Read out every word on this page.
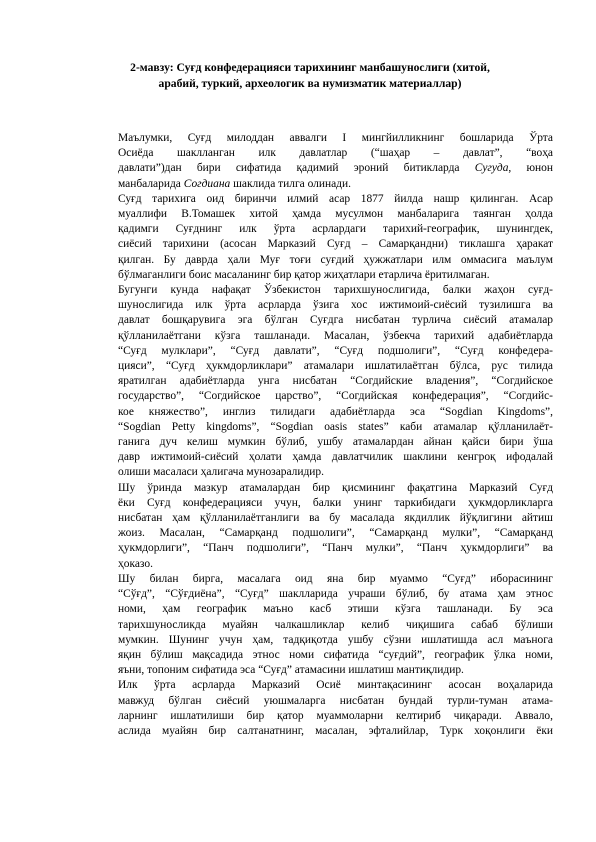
2-мавзу: Суғд конфедерацияси тарихининг манбашунослиги (хитой,
арабий, туркий, археологик ва нумизматик материаллар)

Маълумки, Суғд милоддан аввалги I мингйилликнинг бошларида Ўрта
Осиёда шаклланган илк давлатлар (“шаҳар – давлат”, “воҳа
давлати”)дан бири сифатида қадимий эроний битикларда Сугуда, юнон
манбаларида Согдиана шаклида тилга олинади.

Суғд тарихига оид биринчи илмий асар 1877 йилда нашр қилинган. Асар
муаллифи В.Томашек хитой ҳамда мусулмон манбаларига таянган ҳолда
қадимги Суғднинг илк ўрта асрлардаги тарихий-географик, шунингдек,
сиёсий тарихини (асосан Марказий Суғд – Самарқандни) тиклашга ҳаракат
қилган. Бу даврда ҳали Муғ тоғи суғдий ҳужжатлари илм оммасига маълум
бўлмаганлиги боис масаланинг бир қатор жиҳатлари етарлича ёритилмаган.

Бугунги кунда нафақат Ўзбекистон тарихшунослигида, балки жаҳон суғд-
шунослигида илк ўрта асрларда ўзига хос ижтимоий-сиёсий тузилишга ва
давлат бошқарувига эга бўлган Суғдга нисбатан турлича сиёсий атамалар
қўлланилаётгани кўзга ташланади. Масалан, ўзбекча тарихий адабиётларда
“Суғд мулклари”, “Суғд давлати”, “Суғд подшолиги”, “Суғд конфедера-
цияси”, “Суғд ҳукмдорликлари” атамалари ишлатилаётган бўлса, рус тилида
яратилган адабиётларда унга нисбатан “Согдийские владения”, “Согдийское
государство”, “Согдийское царство”, “Согдийская конфедерация”, “Согдийс-
кое княжество”, инглиз тилидаги адабиётларда эса “Sogdian Kingdoms”,
“Sogdian Petty kingdoms”, “Sogdian oasis states” каби атамалар қўлланилаёт-
ганига дуч келиш мумкин бўлиб, ушбу атамалардан айнан қайси бири ўша
давр ижтимоий-сиёсий ҳолати ҳамда давлатчилик шаклини кенгроқ ифодалай
олиши масаласи ҳалигача мунозаралидир.

Шу ўринда мазкур атамалардан бир қисмининг фақатгина Марказий Суғд
ёки Суғд конфедерацияси учун, балки унинг таркибидаги ҳукмдорликларга
нисбатан ҳам қўлланилаётганлиги ва бу масалада якдиллик йўқлигини айтиш
жоиз. Масалан, “Самарқанд подшолиги”, “Самарқанд мулки”, “Самарқанд
ҳукмдорлиги”, “Панч подшолиги”, “Панч мулки”, “Панч ҳукмдорлиги” ва
ҳоказо.

Шу билан бирга, масалага оид яна бир муаммо “Суғд” иборасининг
“Сўғд”, “Сўғдиёна”, “Суғд” шаклларида учраши бўлиб, бу атама ҳам этнос
номи, ҳам географик маъно касб этиши кўзга ташланади. Бу эса
тарихшуносликда муайян чалкашликлар келиб чиқишига сабаб бўлиши
мумкин. Шунинг учун ҳам, тадқиқотда ушбу сўзни ишлатишда асл маънога
яқин бўлиш мақсадида этнос номи сифатида “суғдий”, географик ўлка номи,
яъни, топоним сифатида эса “Суғд” атамасини ишлатиш мантиқлидир.

Илк ўрта асрларда Марказий Осиё минтақасининг асосан воҳаларида
мавжуд бўлган сиёсий уюшмаларга нисбатан бундай турли-туман атама-
ларнинг ишлатилиши бир қатор муаммоларни келтириб чиқаради. Аввало,
аслида муайян бир салтанатнинг, масалан, эфталийлар, Турк хоқонлиги ёки
